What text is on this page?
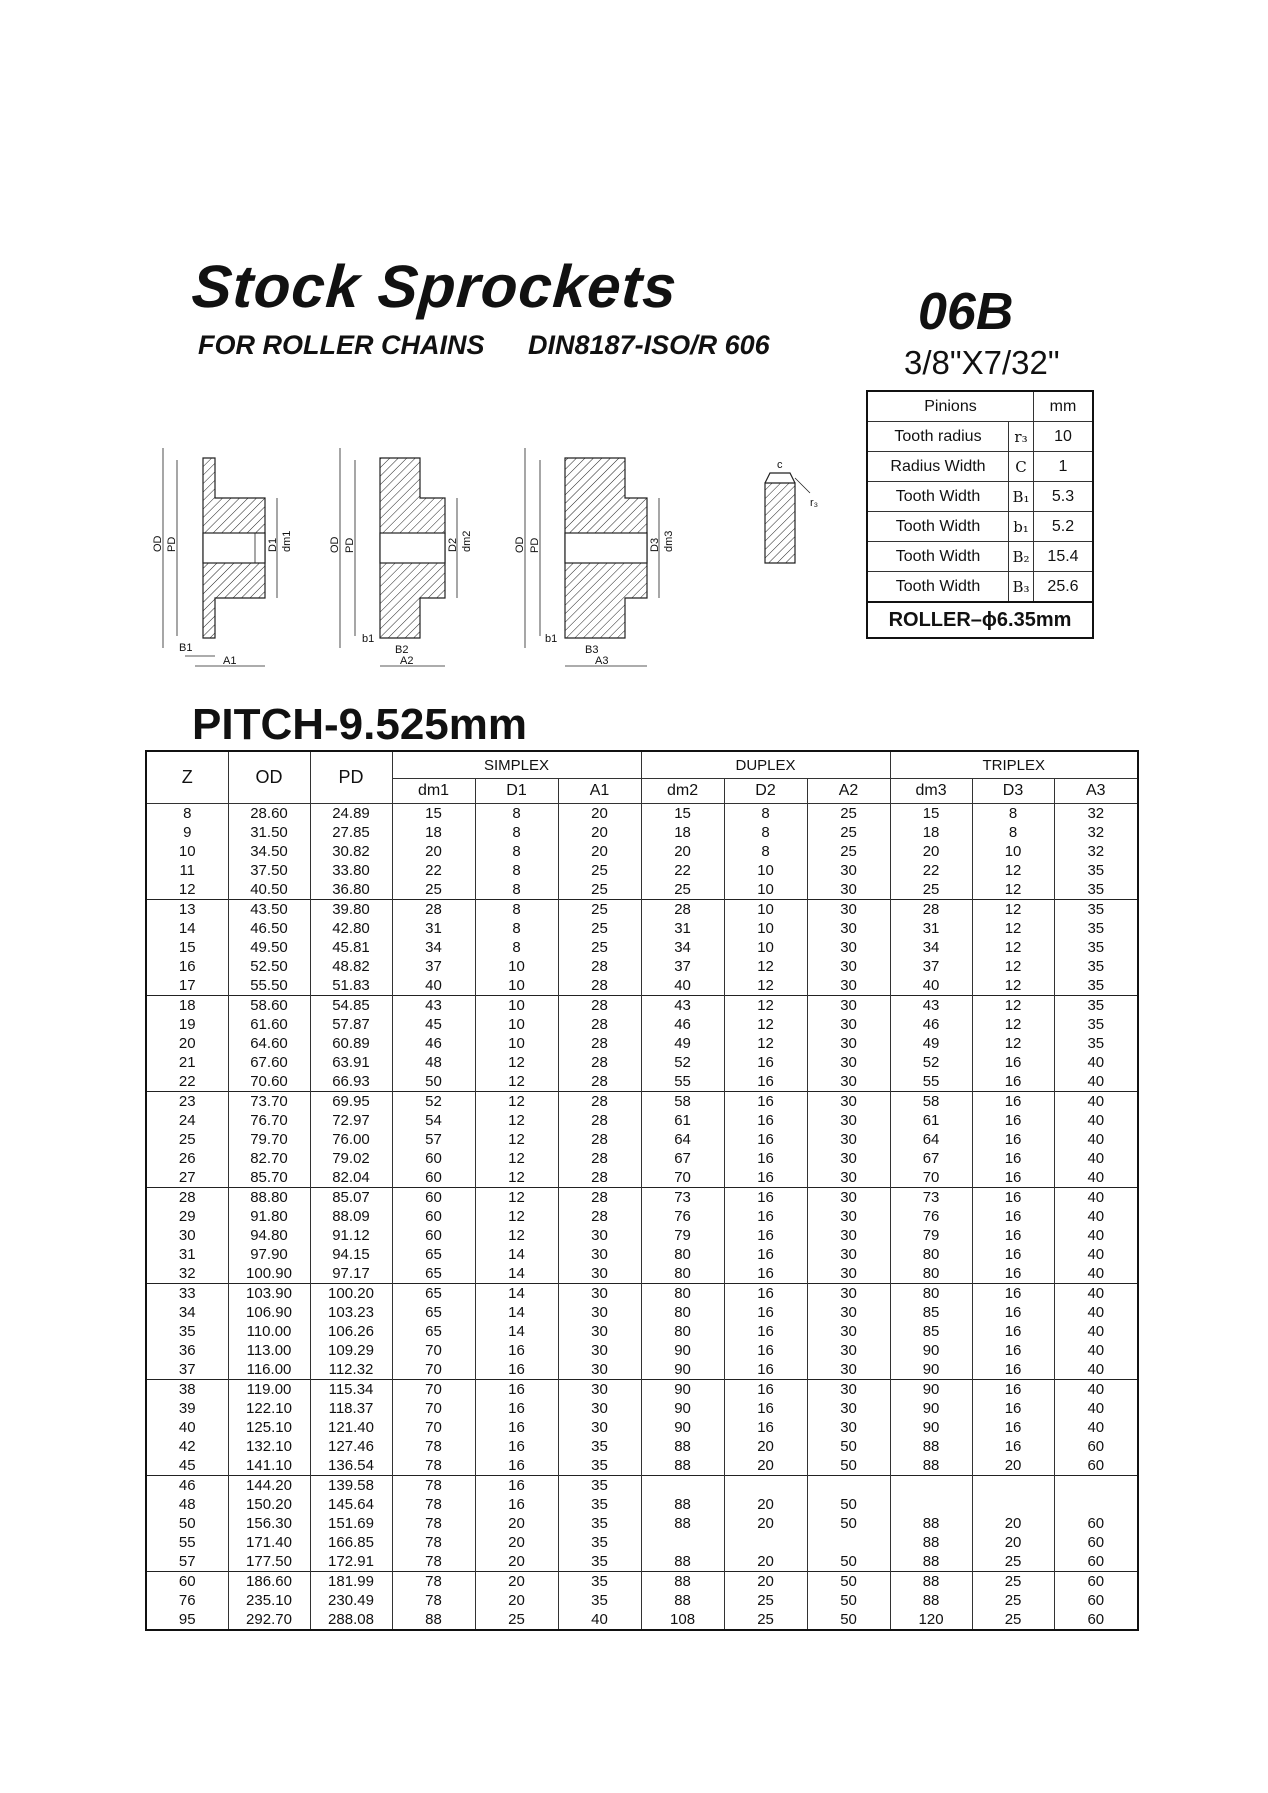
Stock Sprockets

FOR ROLLER CHAINS DIN8187-ISO/R 606

06B

3/8"X7/32"

Pinions		mm
Tooth radius	r₃	10
Radius Width	C	1
Tooth Width	B₁	5.3
Tooth Width	b₁	5.2
Tooth Width	B₂	15.4
Tooth Width	B₃	25.6
ROLLER–ϕ6.35mm		
OD PD	D1 dm1
B1
A1
OD PD	D2 dm2
b1
B2
A2
OD PD	D3 dm3
b1
B3
A3
c
r₃

PITCH-9.525mm

Z	OD	PD	SIMPLEX			DUPLEX			TRIPLEX		
			dm1	D1	A1	dm2	D2	A2	dm3	D3	A3
8	28.60	24.89	15	8	20	15	8	25	15	8	32
9	31.50	27.85	18	8	20	18	8	25	18	8	32
10	34.50	30.82	20	8	20	20	8	25	20	10	32
11	37.50	33.80	22	8	25	22	10	30	22	12	35
12	40.50	36.80	25	8	25	25	10	30	25	12	35
13	43.50	39.80	28	8	25	28	10	30	28	12	35
14	46.50	42.80	31	8	25	31	10	30	31	12	35
15	49.50	45.81	34	8	25	34	10	30	34	12	35
16	52.50	48.82	37	10	28	37	12	30	37	12	35
17	55.50	51.83	40	10	28	40	12	30	40	12	35
18	58.60	54.85	43	10	28	43	12	30	43	12	35
19	61.60	57.87	45	10	28	46	12	30	46	12	35
20	64.60	60.89	46	10	28	49	12	30	49	12	35
21	67.60	63.91	48	12	28	52	16	30	52	16	40
22	70.60	66.93	50	12	28	55	16	30	55	16	40
23	73.70	69.95	52	12	28	58	16	30	58	16	40
24	76.70	72.97	54	12	28	61	16	30	61	16	40
25	79.70	76.00	57	12	28	64	16	30	64	16	40
26	82.70	79.02	60	12	28	67	16	30	67	16	40
27	85.70	82.04	60	12	28	70	16	30	70	16	40
28	88.80	85.07	60	12	28	73	16	30	73	16	40
29	91.80	88.09	60	12	28	76	16	30	76	16	40
30	94.80	91.12	60	12	30	79	16	30	79	16	40
31	97.90	94.15	65	14	30	80	16	30	80	16	40
32	100.90	97.17	65	14	30	80	16	30	80	16	40
33	103.90	100.20	65	14	30	80	16	30	80	16	40
34	106.90	103.23	65	14	30	80	16	30	85	16	40
35	110.00	106.26	65	14	30	80	16	30	85	16	40
36	113.00	109.29	70	16	30	90	16	30	90	16	40
37	116.00	112.32	70	16	30	90	16	30	90	16	40
38	119.00	115.34	70	16	30	90	16	30	90	16	40
39	122.10	118.37	70	16	30	90	16	30	90	16	40
40	125.10	121.40	70	16	30	90	16	30	90	16	40
42	132.10	127.46	78	16	35	88	20	50	88	16	60
45	141.10	136.54	78	16	35	88	20	50	88	20	60
46	144.20	139.58	78	16	35						
48	150.20	145.64	78	16	35	88	20	50			
50	156.30	151.69	78	20	35	88	20	50	88	20	60
55	171.40	166.85	78	20	35				88	20	60
57	177.50	172.91	78	20	35	88	20	50	88	25	60
60	186.60	181.99	78	20	35	88	20	50	88	25	60
76	235.10	230.49	78	20	35	88	25	50	88	25	60
95	292.70	288.08	88	25	40	108	25	50	120	25	60
